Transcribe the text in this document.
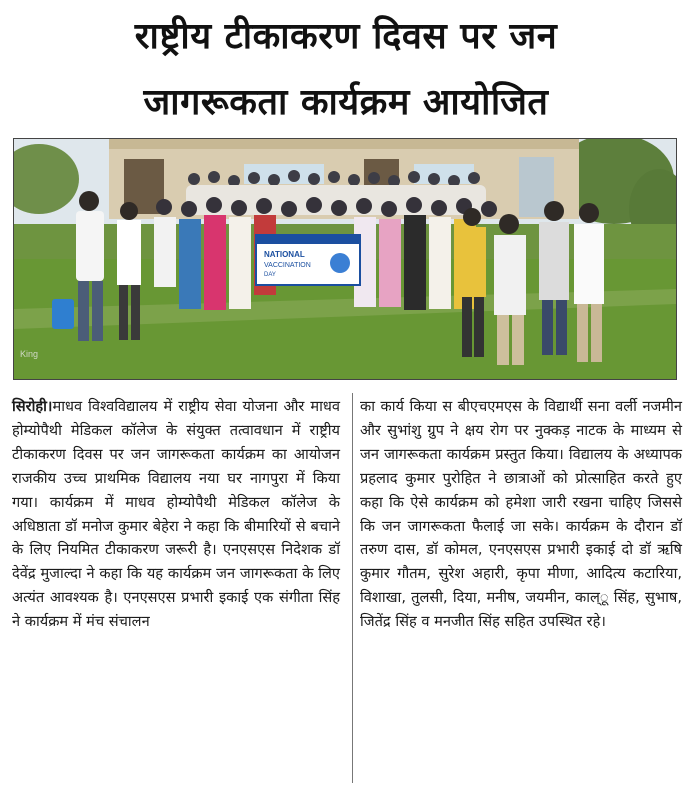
राष्ट्रीय टीकाकरण दिवस पर जन
जागरूकता कार्यक्रम आयोजित
NATIONAL
VACCINATION
DAY
King
सिरोही।माधव विश्वविद्यालय में राष्ट्रीय सेवा योजना और माधव होम्योपैथी मेडिकल कॉलेज के संयुक्त तत्वावधान में राष्ट्रीय टीकाकरण दिवस पर जन जागरूकता कार्यक्रम का आयोजन राजकीय उच्च प्राथमिक विद्यालय नया घर नागपुरा में किया गया। कार्यक्रम में माधव होम्योपैथी मेडिकल कॉलेज के अधिष्ठाता डॉ मनोज कुमार बेहेरा ने कहा कि बीमारियों से बचाने के लिए नियमित टीकाकरण जरूरी है। एनएसएस निदेशक डॉ देवेंद्र मुजाल्दा ने कहा कि यह कार्यक्रम जन जागरूकता के लिए अत्यंत आवश्यक है। एनएसएस प्रभारी इकाई एक संगीता सिंह ने कार्यक्रम में मंच संचालन
का कार्य किया स बीएचएमएस के विद्यार्थी सना वर्ली नजमीन और सुभांशु ग्रुप ने क्षय रोग पर नुक्कड़ नाटक के माध्यम से जन जागरूकता कार्यक्रम प्रस्तुत किया। विद्यालय के अध्यापक प्रहलाद कुमार पुरोहित ने छात्राओं को प्रोत्साहित करते हुए कहा कि ऐसे कार्यक्रम को हमेशा जारी रखना चाहिए जिससे कि जन जागरूकता फैलाई जा सके। कार्यक्रम के दौरान डॉ तरुण दास, डॉ कोमल, एनएसएस प्रभारी इकाई दो डॉ ऋषि कुमार गौतम, सुरेश अहारी, कृपा मीणा, आदित्य कटारिया, विशाखा, तुलसी, दिया, मनीष, जयमीन, काल्ू सिंह, सुभाष, जितेंद्र सिंह व मनजीत सिंह सहित उपस्थित रहे।
